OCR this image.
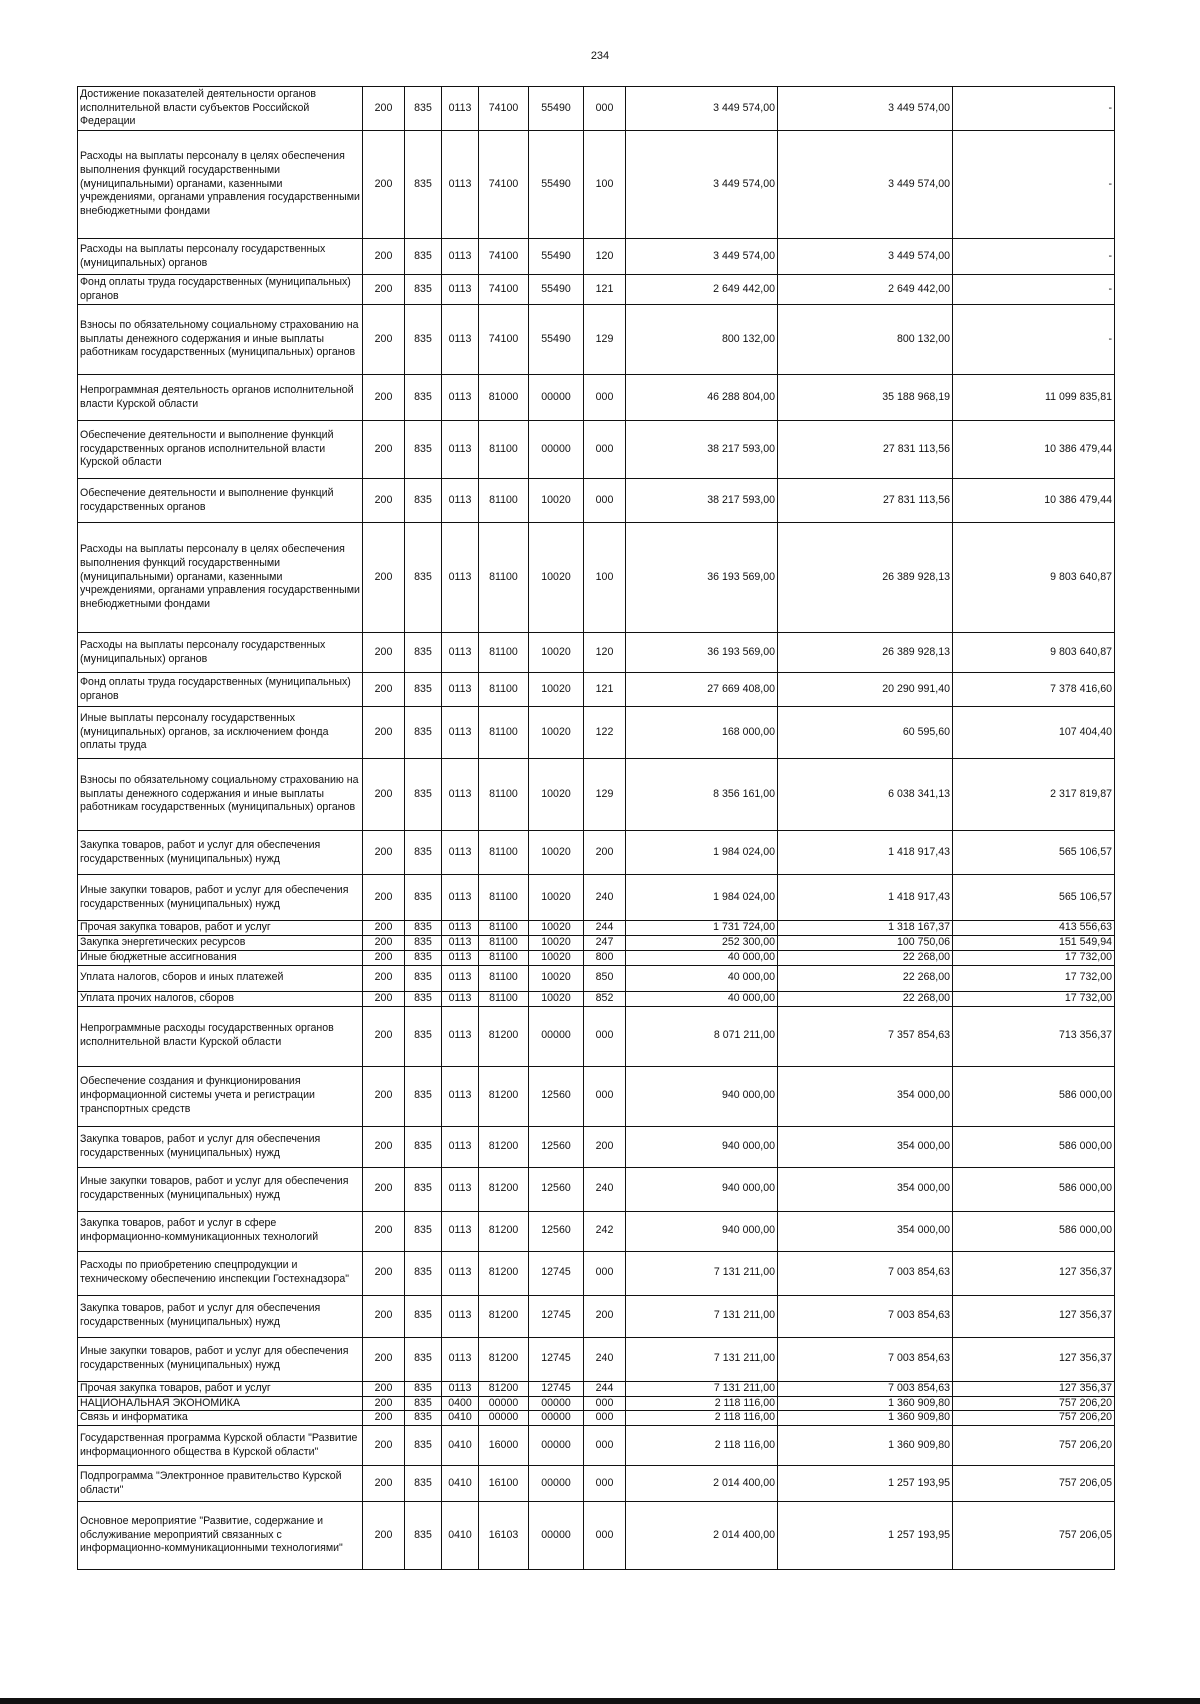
234
Достижение показателей деятельности органов исполнительной власти субъектов Российской Федерации	200	835	0113	74100	55490	000	3 449 574,00	3 449 574,00	-
Расходы на выплаты персоналу в целях обеспечения выполнения функций государственными (муниципальными) органами, казенными учреждениями, органами управления государственными внебюджетными фондами	200	835	0113	74100	55490	100	3 449 574,00	3 449 574,00	-
Расходы на выплаты персоналу государственных (муниципальных) органов	200	835	0113	74100	55490	120	3 449 574,00	3 449 574,00	-
Фонд оплаты труда государственных (муниципальных) органов	200	835	0113	74100	55490	121	2 649 442,00	2 649 442,00	-
Взносы по обязательному социальному страхованию на выплаты денежного содержания и иные выплаты работникам государственных (муниципальных) органов	200	835	0113	74100	55490	129	800 132,00	800 132,00	-
Непрограммная деятельность органов исполнительной власти Курской области	200	835	0113	81000	00000	000	46 288 804,00	35 188 968,19	11 099 835,81
Обеспечение деятельности и выполнение функций государственных органов исполнительной власти Курской области	200	835	0113	81100	00000	000	38 217 593,00	27 831 113,56	10 386 479,44
Обеспечение деятельности и выполнение функций государственных органов	200	835	0113	81100	10020	000	38 217 593,00	27 831 113,56	10 386 479,44
Расходы на выплаты персоналу в целях обеспечения выполнения функций государственными (муниципальными) органами, казенными учреждениями, органами управления государственными внебюджетными фондами	200	835	0113	81100	10020	100	36 193 569,00	26 389 928,13	9 803 640,87
Расходы на выплаты персоналу государственных (муниципальных) органов	200	835	0113	81100	10020	120	36 193 569,00	26 389 928,13	9 803 640,87
Фонд оплаты труда государственных (муниципальных) органов	200	835	0113	81100	10020	121	27 669 408,00	20 290 991,40	7 378 416,60
Иные выплаты персоналу государственных (муниципальных) органов, за исключением фонда оплаты труда	200	835	0113	81100	10020	122	168 000,00	60 595,60	107 404,40
Взносы по обязательному социальному страхованию на выплаты денежного содержания и иные выплаты работникам государственных (муниципальных) органов	200	835	0113	81100	10020	129	8 356 161,00	6 038 341,13	2 317 819,87
Закупка товаров, работ и услуг для обеспечения государственных (муниципальных) нужд	200	835	0113	81100	10020	200	1 984 024,00	1 418 917,43	565 106,57
Иные закупки товаров, работ и услуг для обеспечения государственных (муниципальных) нужд	200	835	0113	81100	10020	240	1 984 024,00	1 418 917,43	565 106,57
Прочая закупка товаров, работ и услуг	200	835	0113	81100	10020	244	1 731 724,00	1 318 167,37	413 556,63
Закупка энергетических ресурсов	200	835	0113	81100	10020	247	252 300,00	100 750,06	151 549,94
Иные бюджетные ассигнования	200	835	0113	81100	10020	800	40 000,00	22 268,00	17 732,00
Уплата налогов, сборов и иных платежей	200	835	0113	81100	10020	850	40 000,00	22 268,00	17 732,00
Уплата прочих налогов, сборов	200	835	0113	81100	10020	852	40 000,00	22 268,00	17 732,00
Непрограммные расходы государственных органов исполнительной власти Курской области	200	835	0113	81200	00000	000	8 071 211,00	7 357 854,63	713 356,37
Обеспечение создания и функционирования информационной системы учета и регистрации транспортных средств	200	835	0113	81200	12560	000	940 000,00	354 000,00	586 000,00
Закупка товаров, работ и услуг для обеспечения государственных (муниципальных) нужд	200	835	0113	81200	12560	200	940 000,00	354 000,00	586 000,00
Иные закупки товаров, работ и услуг для обеспечения государственных (муниципальных) нужд	200	835	0113	81200	12560	240	940 000,00	354 000,00	586 000,00
Закупка товаров, работ и услуг в сфере информационно-коммуникационных технологий	200	835	0113	81200	12560	242	940 000,00	354 000,00	586 000,00
Расходы по приобретению спецпродукции и техническому обеспечению инспекции Гостехнадзора"	200	835	0113	81200	12745	000	7 131 211,00	7 003 854,63	127 356,37
Закупка товаров, работ и услуг для обеспечения государственных (муниципальных) нужд	200	835	0113	81200	12745	200	7 131 211,00	7 003 854,63	127 356,37
Иные закупки товаров, работ и услуг для обеспечения государственных (муниципальных) нужд	200	835	0113	81200	12745	240	7 131 211,00	7 003 854,63	127 356,37
Прочая закупка товаров, работ и услуг	200	835	0113	81200	12745	244	7 131 211,00	7 003 854,63	127 356,37
НАЦИОНАЛЬНАЯ ЭКОНОМИКА	200	835	0400	00000	00000	000	2 118 116,00	1 360 909,80	757 206,20
Связь и информатика	200	835	0410	00000	00000	000	2 118 116,00	1 360 909,80	757 206,20
Государственная программа Курской области "Развитие информационного общества в Курской области"	200	835	0410	16000	00000	000	2 118 116,00	1 360 909,80	757 206,20
Подпрограмма "Электронное правительство Курской области"	200	835	0410	16100	00000	000	2 014 400,00	1 257 193,95	757 206,05
Основное мероприятие "Развитие, содержание и обслуживание мероприятий связанных с информационно-коммуникационными технологиями"	200	835	0410	16103	00000	000	2 014 400,00	1 257 193,95	757 206,05
